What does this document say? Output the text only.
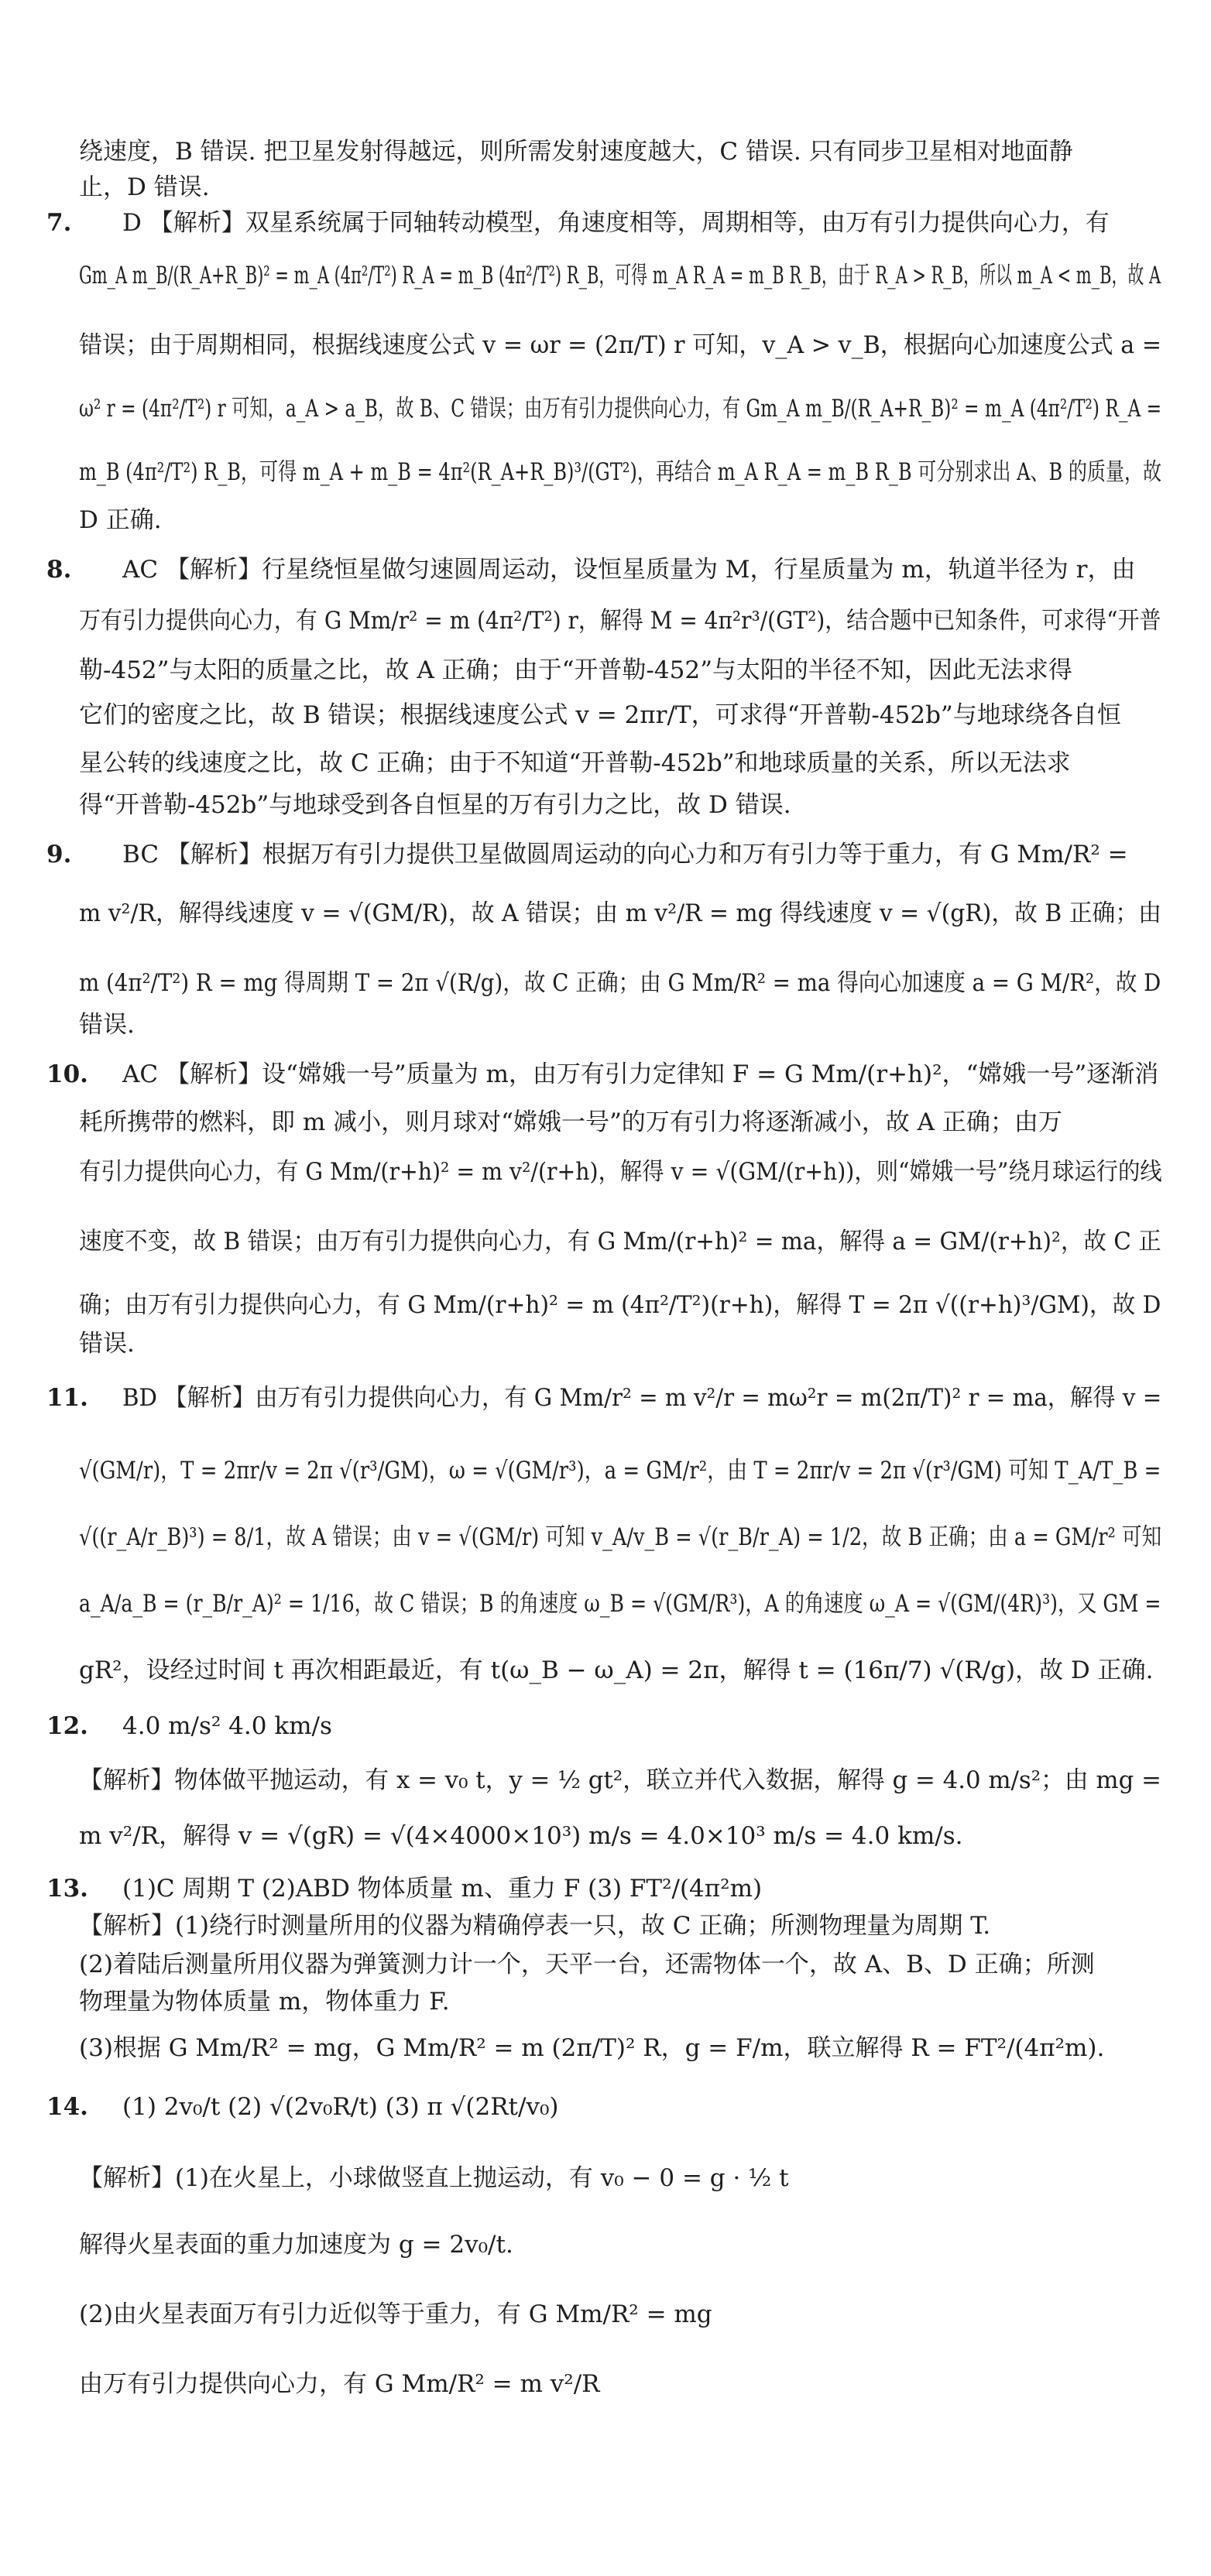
绕速度，B 错误. 把卫星发射得越远，则所需发射速度越大，C 错误. 只有同步卫星相对地面静
止，D 错误.
7. D 【解析】双星系统属于同轴转动模型，角速度相等，周期相等，由万有引力提供向心力，有
Gm_A m_B/(R_A+R_B)² = m_A (4π²/T²) R_A = m_B (4π²/T²) R_B，可得 m_A R_A = m_B R_B，由于 R_A > R_B，所以 m_A < m_B，故 A
错误；由于周期相同，根据线速度公式 v = ωr = (2π/T) r 可知，v_A > v_B，根据向心加速度公式 a =
ω² r = (4π²/T²) r 可知，a_A > a_B，故 B、C 错误；由万有引力提供向心力，有 Gm_A m_B/(R_A+R_B)² = m_A (4π²/T²) R_A =
m_B (4π²/T²) R_B，可得 m_A + m_B = 4π²(R_A+R_B)³/(GT²)，再结合 m_A R_A = m_B R_B 可分别求出 A、B 的质量，故
D 正确.
8. AC 【解析】行星绕恒星做匀速圆周运动，设恒星质量为 M，行星质量为 m，轨道半径为 r，由
万有引力提供向心力，有 G Mm/r² = m (4π²/T²) r，解得 M = 4π²r³/(GT²)，结合题中已知条件，可求得“开普
勒-452”与太阳的质量之比，故 A 正确；由于“开普勒-452”与太阳的半径不知，因此无法求得
它们的密度之比，故 B 错误；根据线速度公式 v = 2πr/T，可求得“开普勒-452b”与地球绕各自恒
星公转的线速度之比，故 C 正确；由于不知道“开普勒-452b”和地球质量的关系，所以无法求
得“开普勒-452b”与地球受到各自恒星的万有引力之比，故 D 错误.
9. BC 【解析】根据万有引力提供卫星做圆周运动的向心力和万有引力等于重力，有 G Mm/R² =
m v²/R，解得线速度 v = √(GM/R)，故 A 错误；由 m v²/R = mg 得线速度 v = √(gR)，故 B 正确；由
m (4π²/T²) R = mg 得周期 T = 2π √(R/g)，故 C 正确；由 G Mm/R² = ma 得向心加速度 a = G M/R²，故 D
错误.
10. AC 【解析】设“嫦娥一号”质量为 m，由万有引力定律知 F = G Mm/(r+h)²，“嫦娥一号”逐渐消
耗所携带的燃料，即 m 减小，则月球对“嫦娥一号”的万有引力将逐渐减小，故 A 正确；由万
有引力提供向心力，有 G Mm/(r+h)² = m v²/(r+h)，解得 v = √(GM/(r+h))，则“嫦娥一号”绕月球运行的线
速度不变，故 B 错误；由万有引力提供向心力，有 G Mm/(r+h)² = ma，解得 a = GM/(r+h)²，故 C 正
确；由万有引力提供向心力，有 G Mm/(r+h)² = m (4π²/T²)(r+h)，解得 T = 2π √((r+h)³/GM)，故 D
错误.
11. BD 【解析】由万有引力提供向心力，有 G Mm/r² = m v²/r = mω²r = m(2π/T)² r = ma，解得 v =
√(GM/r)，T = 2πr/v = 2π √(r³/GM)，ω = √(GM/r³)，a = GM/r²，由 T = 2πr/v = 2π √(r³/GM) 可知 T_A/T_B =
√((r_A/r_B)³) = 8/1，故 A 错误；由 v = √(GM/r) 可知 v_A/v_B = √(r_B/r_A) = 1/2，故 B 正确；由 a = GM/r² 可知
a_A/a_B = (r_B/r_A)² = 1/16，故 C 错误；B 的角速度 ω_B = √(GM/R³)，A 的角速度 ω_A = √(GM/(4R)³)，又 GM =
gR²，设经过时间 t 再次相距最近，有 t(ω_B − ω_A) = 2π，解得 t = (16π/7) √(R/g)，故 D 正确.
12. 4.0 m/s² 4.0 km/s
【解析】物体做平抛运动，有 x = v₀ t，y = ½ gt²，联立并代入数据，解得 g = 4.0 m/s²；由 mg =
m v²/R，解得 v = √(gR) = √(4×4000×10³) m/s = 4.0×10³ m/s = 4.0 km/s.
13. (1)C 周期 T (2)ABD 物体质量 m、重力 F (3) FT²/(4π²m)
【解析】(1)绕行时测量所用的仪器为精确停表一只，故 C 正确；所测物理量为周期 T.
(2)着陆后测量所用仪器为弹簧测力计一个，天平一台，还需物体一个，故 A、B、D 正确；所测
物理量为物体质量 m，物体重力 F.
(3)根据 G Mm/R² = mg，G Mm/R² = m (2π/T)² R，g = F/m，联立解得 R = FT²/(4π²m).
14. (1) 2v₀/t (2) √(2v₀R/t) (3) π √(2Rt/v₀)
【解析】(1)在火星上，小球做竖直上抛运动，有 v₀ − 0 = g · ½ t
解得火星表面的重力加速度为 g = 2v₀/t.
(2)由火星表面万有引力近似等于重力，有 G Mm/R² = mg
由万有引力提供向心力，有 G Mm/R² = m v²/R
